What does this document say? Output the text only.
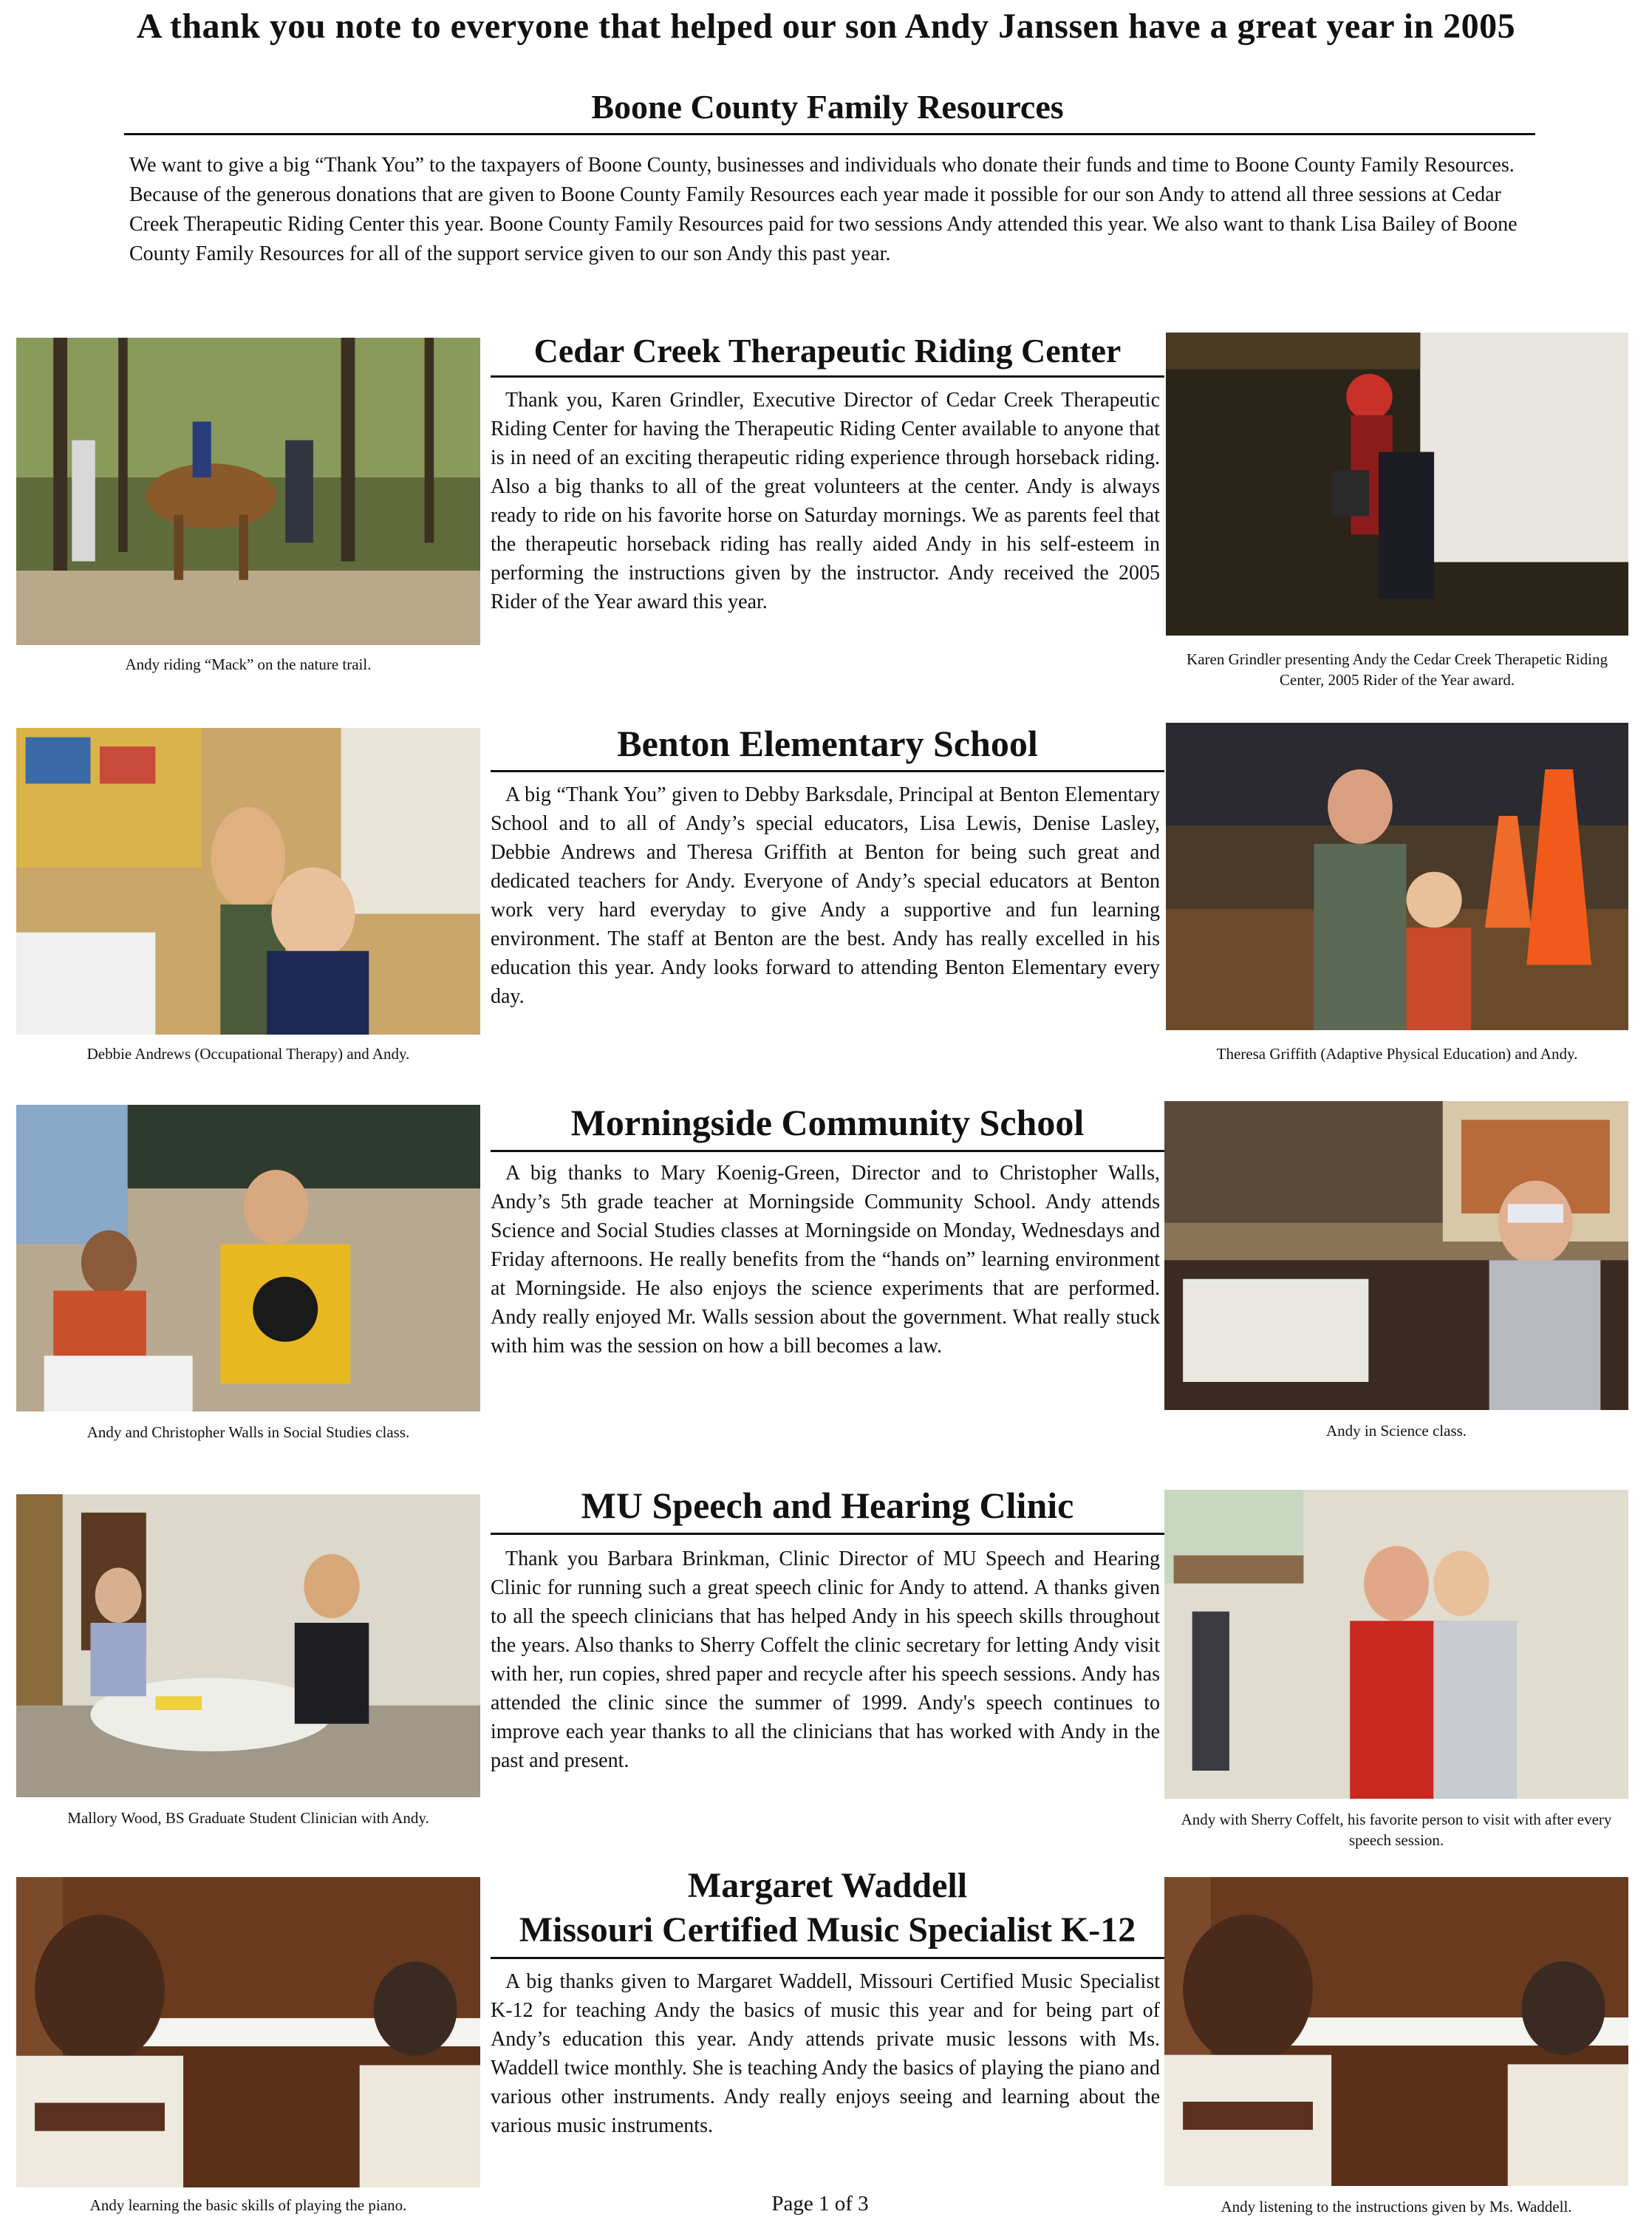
A thank you note to everyone that helped our son Andy Janssen have a great year in 2005
Boone County Family Resources
We want to give a big “Thank You” to the taxpayers of Boone County, businesses and individuals who donate their funds and time to Boone County Family Resources. Because of the generous donations that are given to Boone County Family Resources each year made it possible for our son Andy to attend all three sessions at Cedar Creek Therapeutic Riding Center this year. Boone County Family Resources paid for two sessions Andy attended this year. We also want to thank Lisa Bailey of Boone County Family Resources for all of the support service given to our son Andy this past year.
Andy riding “Mack” on the nature trail.
Cedar Creek Therapeutic Riding Center
Thank you, Karen Grindler, Executive Director of Cedar Creek Therapeutic Riding Center for having the Therapeutic Riding Center available to anyone that is in need of an exciting therapeutic riding experience through horseback riding. Also a big thanks to all of the great volunteers at the center. Andy is always ready to ride on his favorite horse on Saturday mornings. We as parents feel that the therapeutic horseback riding has really aided Andy in his self-esteem in performing the instructions given by the instructor. Andy received the 2005 Rider of the Year award this year.
Karen Grindler presenting Andy the Cedar Creek Therapetic Riding Center, 2005 Rider of the Year award.
Debbie Andrews (Occupational Therapy) and Andy.
Benton Elementary School
A big “Thank You” given to Debby Barksdale, Principal at Benton Elementary School and to all of Andy’s special educators, Lisa Lewis, Denise Lasley, Debbie Andrews and Theresa Griffith at Benton for being such great and dedicated teachers for Andy. Everyone of Andy’s special educators at Benton work very hard everyday to give Andy a supportive and fun learning environment. The staff at Benton are the best. Andy has really excelled in his education this year. Andy looks forward to attending Benton Elementary every day.
Theresa Griffith (Adaptive Physical Education) and Andy.
Andy and Christopher Walls in Social Studies class.
Morningside Community School
A big thanks to Mary Koenig-Green, Director and to Christopher Walls, Andy’s 5th grade teacher at Morningside Community School. Andy attends Science and Social Studies classes at Morningside on Monday, Wednesdays and Friday afternoons. He really benefits from the “hands on” learning environment at Morningside. He also enjoys the science experiments that are performed. Andy really enjoyed Mr. Walls session about the government. What really stuck with him was the session on how a bill becomes a law.
Andy in Science class.
Mallory Wood, BS Graduate Student Clinician with Andy.
MU Speech and Hearing Clinic
Thank you Barbara Brinkman, Clinic Director of MU Speech and Hearing Clinic for running such a great speech clinic for Andy to attend. A thanks given to all the speech clinicians that has helped Andy in his speech skills throughout the years. Also thanks to Sherry Coffelt the clinic secretary for letting Andy visit with her, run copies, shred paper and recycle after his speech sessions. Andy has attended the clinic since the summer of 1999. Andy's speech continues to improve each year thanks to all the clinicians that has worked with Andy in the past and present.
Andy with Sherry Coffelt, his favorite person to visit with after every speech session.
Andy learning the basic skills of playing the piano.
Margaret Waddell
Missouri Certified Music Specialist K-12
A big thanks given to Margaret Waddell, Missouri Certified Music Specialist K-12 for teaching Andy the basics of music this year and for being part of Andy’s education this year. Andy attends private music lessons with Ms. Waddell twice monthly. She is teaching Andy the basics of playing the piano and various other instruments. Andy really enjoys seeing and learning about the various music instruments.
Andy listening to the instructions given by Ms. Waddell.
Page 1 of 3
